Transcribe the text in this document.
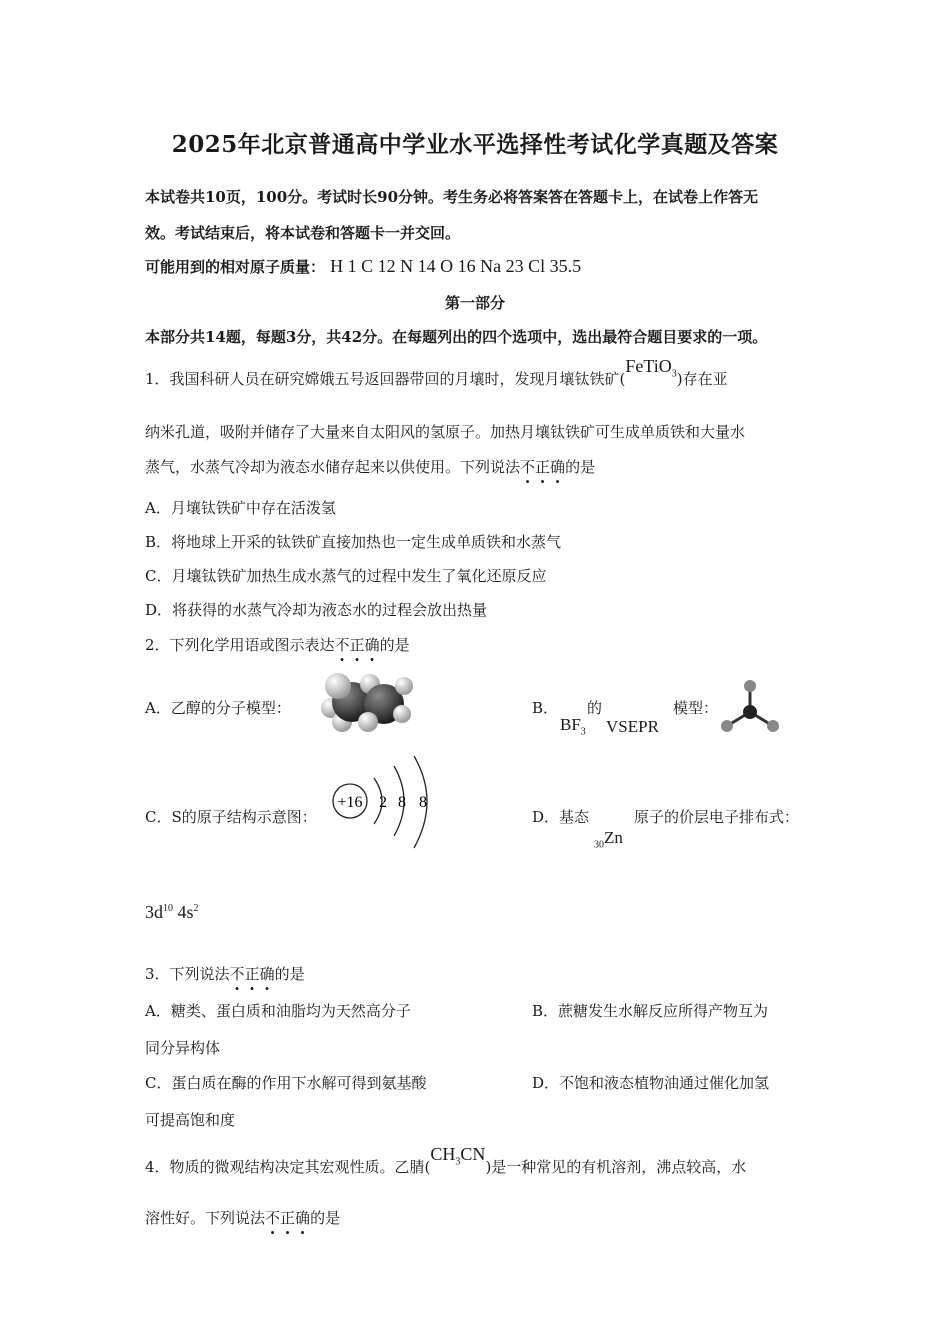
2025年北京普通高中学业水平选择性考试化学真题及答案
本试卷共10页，100分。考试时长90分钟。考生务必将答案答在答题卡上，在试卷上作答无
效。考试结束后，将本试卷和答题卡一并交回。
可能用到的相对原子质量： H 1 C 12 N 14 O 16 Na 23 Cl 35.5
第一部分
本部分共14题，每题3分，共42分。在每题列出的四个选项中，选出最符合题目要求的一项。
1．我国科研人员在研究嫦娥五号返回器带回的月壤时，发现月壤钛铁矿(FeTiO$_3$)存在亚
纳米孔道，吸附并储存了大量来自太阳风的氢原子。加热月壤钛铁矿可生成单质铁和大量水
蒸气，水蒸气冷却为液态水储存起来以供使用。下列说法不正确的是
A．月壤钛铁矿中存在活泼氢
B．将地球上开采的钛铁矿直接加热也一定生成单质铁和水蒸气
C．月壤钛铁矿加热生成水蒸气的过程中发生了氧化还原反应
D．将获得的水蒸气冷却为液态水的过程会放出热量
2．下列化学用语或图示表达不正确的是
A．乙醇的分子模型：	B． 的	模型：
$BF_3$ VSEPR
C．S的原子结构示意图：
+16 2 8 8
D．基态	原子的价层电子排布式：
$_{30}$Zn
$3d^{10}$ $4s^2$
3．下列说法不正确的是
A．糖类、蛋白质和油脂均为天然高分子	B．蔗糖发生水解反应所得产物互为
同分异构体
C．蛋白质在酶的作用下水解可得到氨基酸	D．不饱和液态植物油通过催化加氢
可提高饱和度
4．物质的微观结构决定其宏观性质。乙腈$(CH_3CN)$是一种常见的有机溶剂，沸点较高，水
溶性好。下列说法不正确的是
